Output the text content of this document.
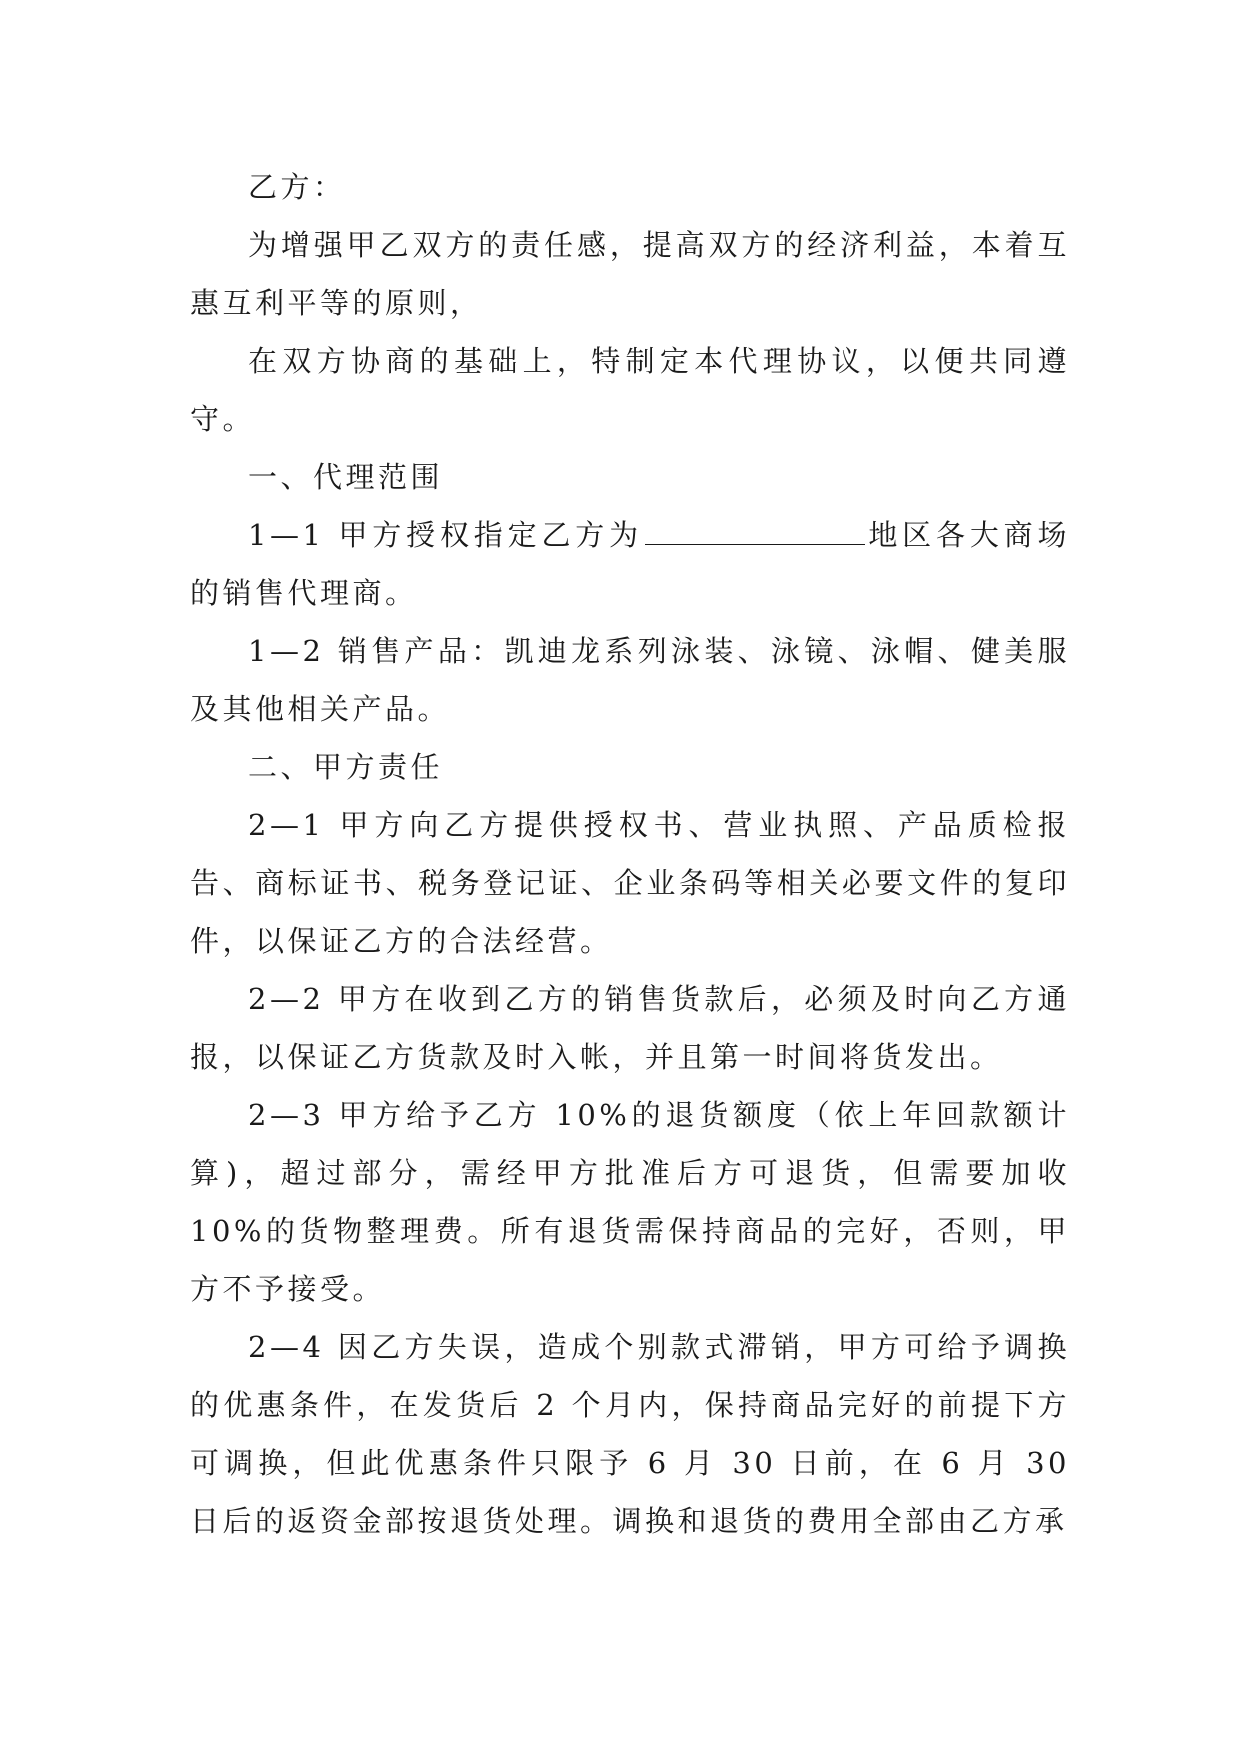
乙方：

为增强甲乙双方的责任感，提高双方的经济利益，本着互惠互利平等的原则，

在双方协商的基础上，特制定本代理协议，以便共同遵守。

一、代理范围

1—1 甲方授权指定乙方为	地区各大商场的销售代理商。

1—2 销售产品：凯迪龙系列泳装、泳镜、泳帽、健美服及其他相关产品。

二、甲方责任

2—1 甲方向乙方提供授权书、营业执照、产品质检报告、商标证书、税务登记证、企业条码等相关必要文件的复印件，以保证乙方的合法经营。

2—2 甲方在收到乙方的销售货款后，必须及时向乙方通报，以保证乙方货款及时入帐，并且第一时间将货发出。

2—3 甲方给予乙方 10%的退货额度（依上年回款额计算)，超过部分，需经甲方批准后方可退货，但需要加收 10%的货物整理费。所有退货需保持商品的完好，否则，甲方不予接受。

2—4 因乙方失误，造成个别款式滞销，甲方可给予调换的优惠条件，在发货后 2 个月内，保持商品完好的前提下方可调换，但此优惠条件只限予 6 月 30 日前，在 6 月 30 日后的返资金部按退货处理。调换和退货的费用全部由乙方承
